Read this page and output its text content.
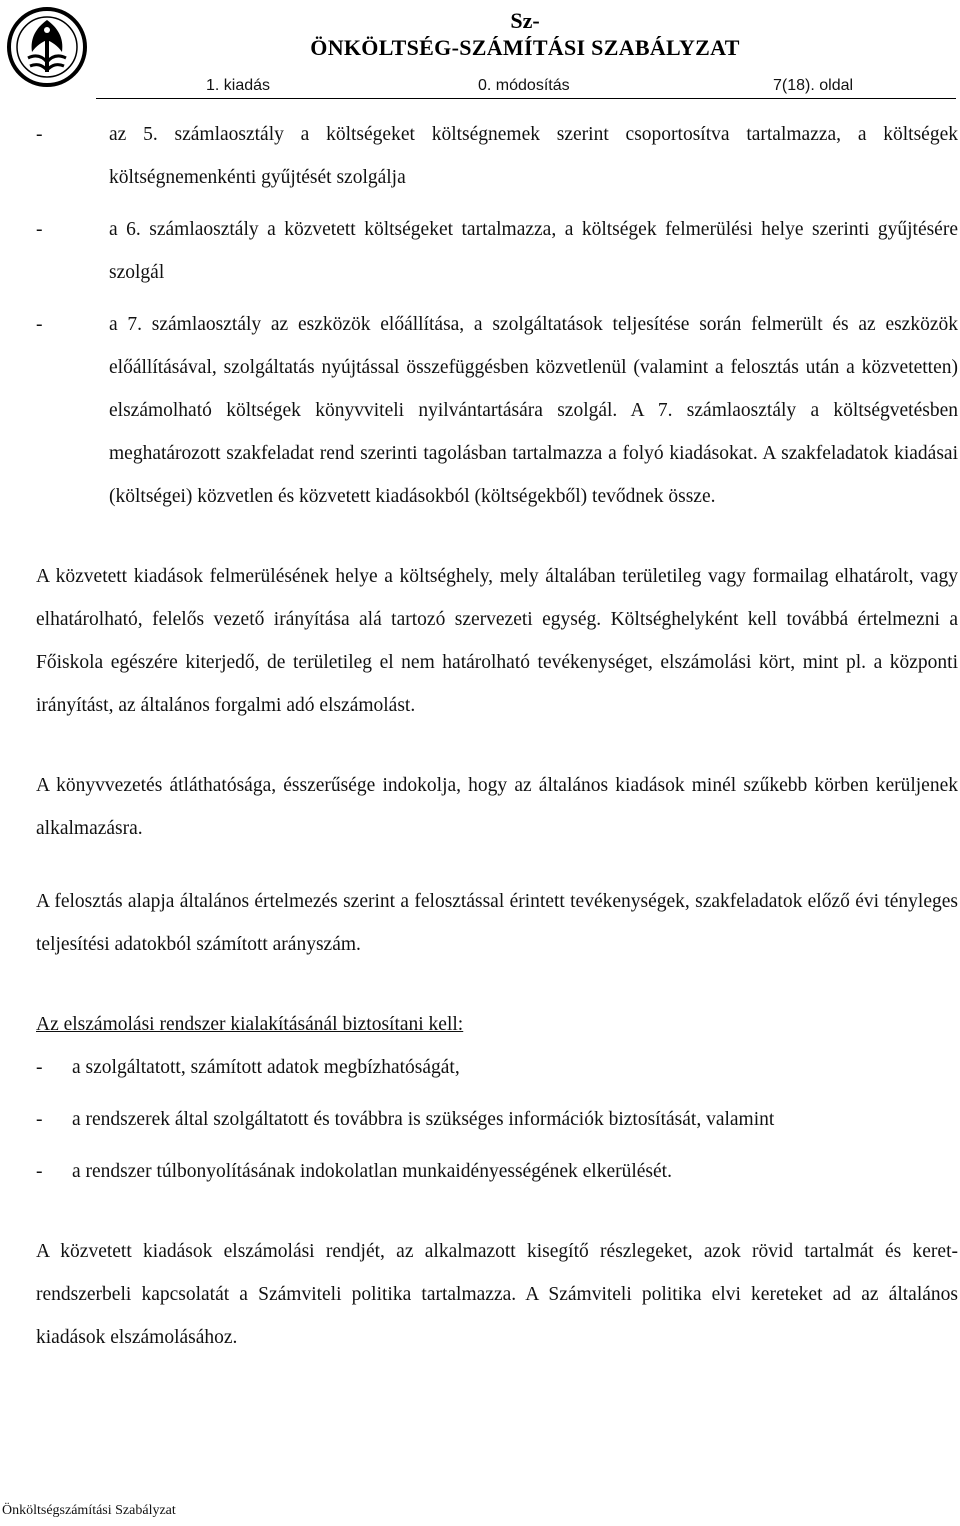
Sz-
ÖNKÖLTSÉG-SZÁMÍTÁSI SZABÁLYZAT
1. kiadás	0. módosítás	7(18). oldal
-	az 5. számlaosztály a költségeket költségnemek szerint csoportosítva tartalmazza, a költségek költségnemenkénti gyűjtését szolgálja

-	a 6. számlaosztály a közvetett költségeket tartalmazza, a költségek felmerülési helye szerinti gyűjtésére szolgál

-	a 7. számlaosztály az eszközök előállítása, a szolgáltatások teljesítése során felmerült és az eszközök előállításával, szolgáltatás nyújtással összefüggésben közvetlenül (valamint a felosztás után a közvetetten) elszámolható költségek könyvviteli nyilvántartására szolgál. A 7. számlaosztály a költségvetésben meghatározott szakfeladat rend szerinti tagolásban tartalmazza a folyó kiadásokat. A szakfeladatok kiadásai (költségei) közvetlen és közvetett kiadásokból (költségekből) tevődnek össze.

A közvetett kiadások felmerülésének helye a költséghely, mely általában területileg vagy formailag elhatárolt, vagy elhatárolható, felelős vezető irányítása alá tartozó szervezeti egység. Költséghelyként kell továbbá értelmezni a Főiskola egészére kiterjedő, de területileg el nem határolható tevékenységet, elszámolási kört, mint pl. a központi irányítást, az általános forgalmi adó elszámolást.

A könyvvezetés átláthatósága, ésszerűsége indokolja, hogy az általános kiadások minél szűkebb körben kerüljenek alkalmazásra.

A felosztás alapja általános értelmezés szerint a felosztással érintett tevékenységek, szakfeladatok előző évi tényleges teljesítési adatokból számított arányszám.

Az elszámolási rendszer kialakításánál biztosítani kell:

- a szolgáltatott, számított adatok megbízhatóságát,
- a rendszerek által szolgáltatott és továbbra is szükséges információk biztosítását, valamint
- a rendszer túlbonyolításának indokolatlan munkaidényességének elkerülését.

A közvetett kiadások elszámolási rendjét, az alkalmazott kisegítő részlegeket, azok rövid tartalmát és keret-rendszerbeli kapcsolatát a Számviteli politika tartalmazza. A Számviteli politika elvi kereteket ad az általános kiadások elszámolásához.

Önköltségszámítási Szabályzat
